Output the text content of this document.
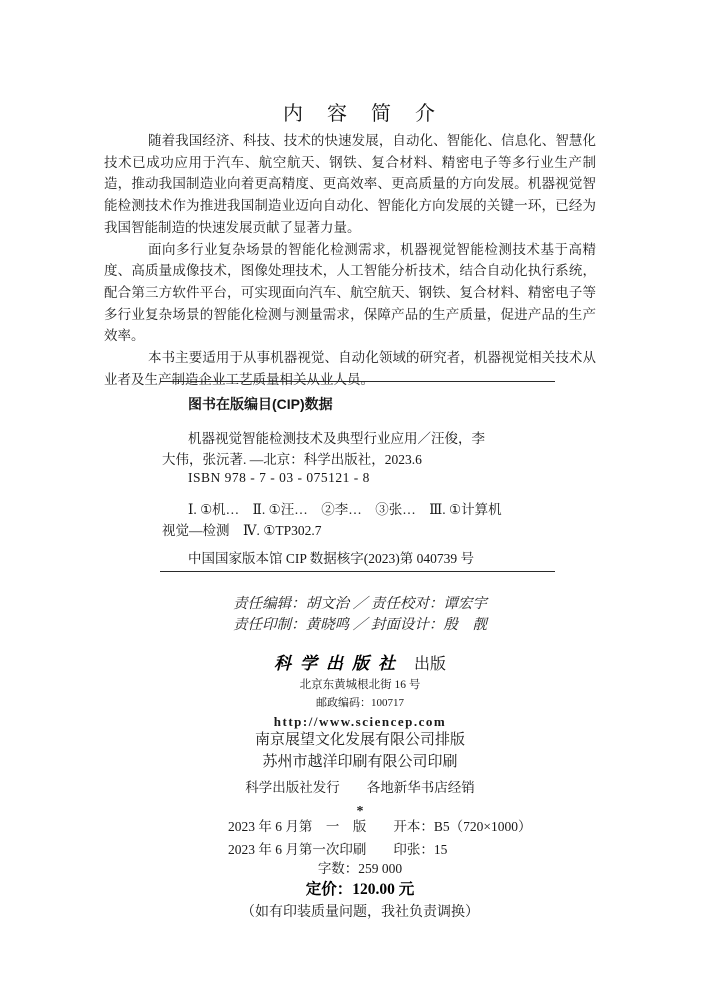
内　容　简　介

随着我国经济、科技、技术的快速发展，自动化、智能化、信息化、智慧化技术已成功应用于汽车、航空航天、钢铁、复合材料、精密电子等多行业生产制造，推动我国制造业向着更高精度、更高效率、更高质量的方向发展。机器视觉智能检测技术作为推进我国制造业迈向自动化、智能化方向发展的关键一环，已经为我国智能制造的快速发展贡献了显著力量。

面向多行业复杂场景的智能化检测需求，机器视觉智能检测技术基于高精度、高质量成像技术，图像处理技术，人工智能分析技术，结合自动化执行系统，配合第三方软件平台，可实现面向汽车、航空航天、钢铁、复合材料、精密电子等多行业复杂场景的智能化检测与测量需求，保障产品的生产质量，促进产品的生产效率。

本书主要适用于从事机器视觉、自动化领域的研究者，机器视觉相关技术从业者及生产制造企业工艺质量相关从业人员。

图书在版编目(CIP)数据

机器视觉智能检测技术及典型行业应用／汪俊，李

大伟，张沅著. —北京：科学出版社，2023.6

ISBN 978 - 7 - 03 - 075121 - 8

Ⅰ. ①机…　Ⅱ. ①汪…　②李…　③张…　Ⅲ. ①计算机

视觉—检测　Ⅳ. ①TP302.7

中国国家版本馆 CIP 数据核字(2023)第 040739 号

责任编辑：胡文治 ／ 责任校对：谭宏宇

责任印制：黄晓鸣 ／ 封面设计：殷　靓

科学出版社 出版

北京东黄城根北街 16 号

邮政编码：100717

http://www.sciencep.com

南京展望文化发展有限公司排版

苏州市越洋印刷有限公司印刷

科学出版社发行　　各地新华书店经销

*

2023 年 6 月第　一　版　　开本：B5（720×1000）

2023 年 6 月第一次印刷　　印张：15

字数：259 000

定价：120.00 元

（如有印装质量问题，我社负责调换）
